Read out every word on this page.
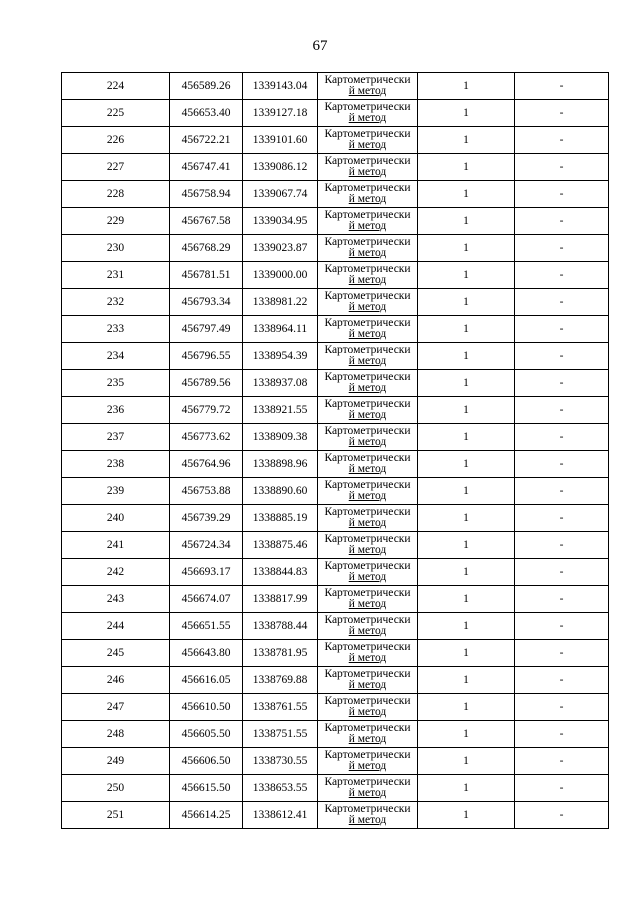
67
224	456589.26	1339143.04	Картометрически
й метод	1	-
225	456653.40	1339127.18	Картометрически
й метод	1	-
226	456722.21	1339101.60	Картометрически
й метод	1	-
227	456747.41	1339086.12	Картометрически
й метод	1	-
228	456758.94	1339067.74	Картометрически
й метод	1	-
229	456767.58	1339034.95	Картометрически
й метод	1	-
230	456768.29	1339023.87	Картометрически
й метод	1	-
231	456781.51	1339000.00	Картометрически
й метод	1	-
232	456793.34	1338981.22	Картометрически
й метод	1	-
233	456797.49	1338964.11	Картометрически
й метод	1	-
234	456796.55	1338954.39	Картометрически
й метод	1	-
235	456789.56	1338937.08	Картометрически
й метод	1	-
236	456779.72	1338921.55	Картометрически
й метод	1	-
237	456773.62	1338909.38	Картометрически
й метод	1	-
238	456764.96	1338898.96	Картометрически
й метод	1	-
239	456753.88	1338890.60	Картометрически
й метод	1	-
240	456739.29	1338885.19	Картометрически
й метод	1	-
241	456724.34	1338875.46	Картометрически
й метод	1	-
242	456693.17	1338844.83	Картометрически
й метод	1	-
243	456674.07	1338817.99	Картометрически
й метод	1	-
244	456651.55	1338788.44	Картометрически
й метод	1	-
245	456643.80	1338781.95	Картометрически
й метод	1	-
246	456616.05	1338769.88	Картометрически
й метод	1	-
247	456610.50	1338761.55	Картометрически
й метод	1	-
248	456605.50	1338751.55	Картометрически
й метод	1	-
249	456606.50	1338730.55	Картометрически
й метод	1	-
250	456615.50	1338653.55	Картометрически
й метод	1	-
251	456614.25	1338612.41	Картометрически
й метод	1	-
